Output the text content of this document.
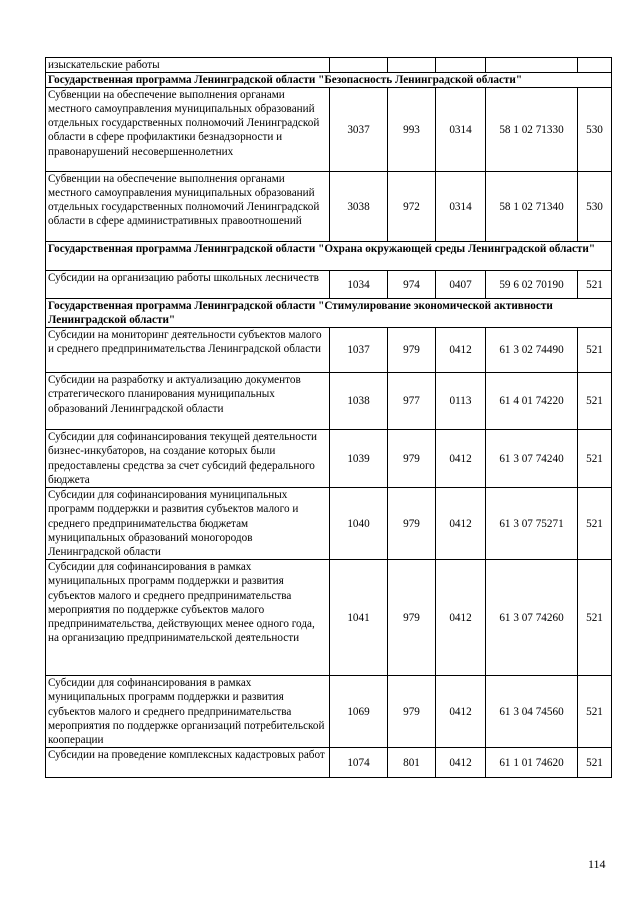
изыскательские работы					
Государственная программа Ленинградской области "Безопасность Ленинградской области"					
Субвенции на обеспечение выполнения органами местного самоуправления муниципальных образований отдельных государственных полномочий Ленинградской области в сфере профилактики безнадзорности и правонарушений несовершеннолетних	3037	993	0314	58 1 02 71330	530
Субвенции на обеспечение выполнения органами местного самоуправления муниципальных образований отдельных государственных полномочий Ленинградской области в сфере административных правоотношений	3038	972	0314	58 1 02 71340	530
Государственная программа Ленинградской области "Охрана окружающей среды Ленинградской области"					
Субсидии на организацию работы школьных лесничеств	1034	974	0407	59 6 02 70190	521
Государственная программа Ленинградской области "Стимулирование экономической активности Ленинградской области"					
Субсидии на мониторинг деятельности субъектов малого и среднего предпринимательства Ленинградской области	1037	979	0412	61 3 02 74490	521
Субсидии на разработку и актуализацию документов стратегического планирования муниципальных образований Ленинградской области	1038	977	0113	61 4 01 74220	521
Субсидии для софинансирования текущей деятельности бизнес-инкубаторов, на создание которых были предоставлены средства за счет субсидий федерального бюджета	1039	979	0412	61 3 07 74240	521
Субсидии для софинансирования муниципальных программ поддержки и развития субъектов малого и среднего предпринимательства бюджетам муниципальных образований моногородов Ленинградской области	1040	979	0412	61 3 07 75271	521
Субсидии для софинансирования в рамках муниципальных программ поддержки и развития субъектов малого и среднего предпринимательства мероприятия по поддержке субъектов малого предпринимательства, действующих менее одного года, на организацию предпринимательской деятельности	1041	979	0412	61 3 07 74260	521
Субсидии для софинансирования в рамках муниципальных программ поддержки и развития субъектов малого и среднего предпринимательства мероприятия по поддержке организаций потребительской кооперации	1069	979	0412	61 3 04 74560	521
Субсидии на проведение комплексных кадастровых работ	1074	801	0412	61 1 01 74620	521
114
